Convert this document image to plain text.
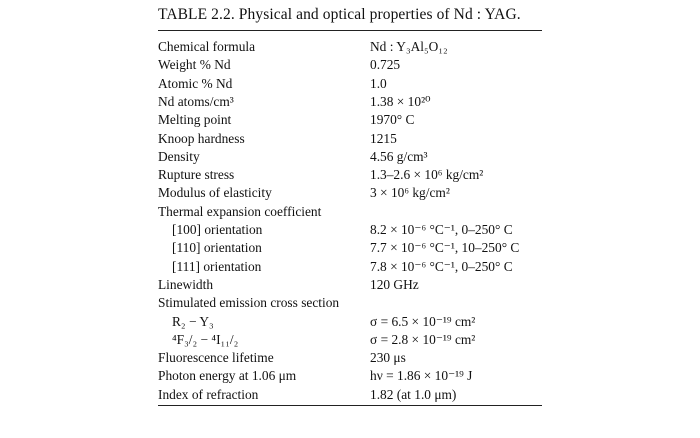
TABLE 2.2. Physical and optical properties of Nd : YAG.
Chemical formula	Nd : Y₃Al₅O₁₂
Weight % Nd	0.725
Atomic % Nd	1.0
Nd atoms/cm³	1.38 × 10²⁰
Melting point	1970° C
Knoop hardness	1215
Density	4.56 g/cm³
Rupture stress	1.3–2.6 × 10⁶ kg/cm²
Modulus of elasticity	3 × 10⁶ kg/cm²
Thermal expansion coefficient
[100] orientation	8.2 × 10⁻⁶ °C⁻¹, 0–250° C
[110] orientation	7.7 × 10⁻⁶ °C⁻¹, 10–250° C
[111] orientation	7.8 × 10⁻⁶ °C⁻¹, 0–250° C
Linewidth	120 GHz
Stimulated emission cross section
R₂ − Y₃	σ = 6.5 × 10⁻¹⁹ cm²
⁴F₃/₂ − ⁴I₁₁/₂	σ = 2.8 × 10⁻¹⁹ cm²
Fluorescence lifetime	230 μs
Photon energy at 1.06 μm	hν = 1.86 × 10⁻¹⁹ J
Index of refraction	1.82 (at 1.0 μm)
